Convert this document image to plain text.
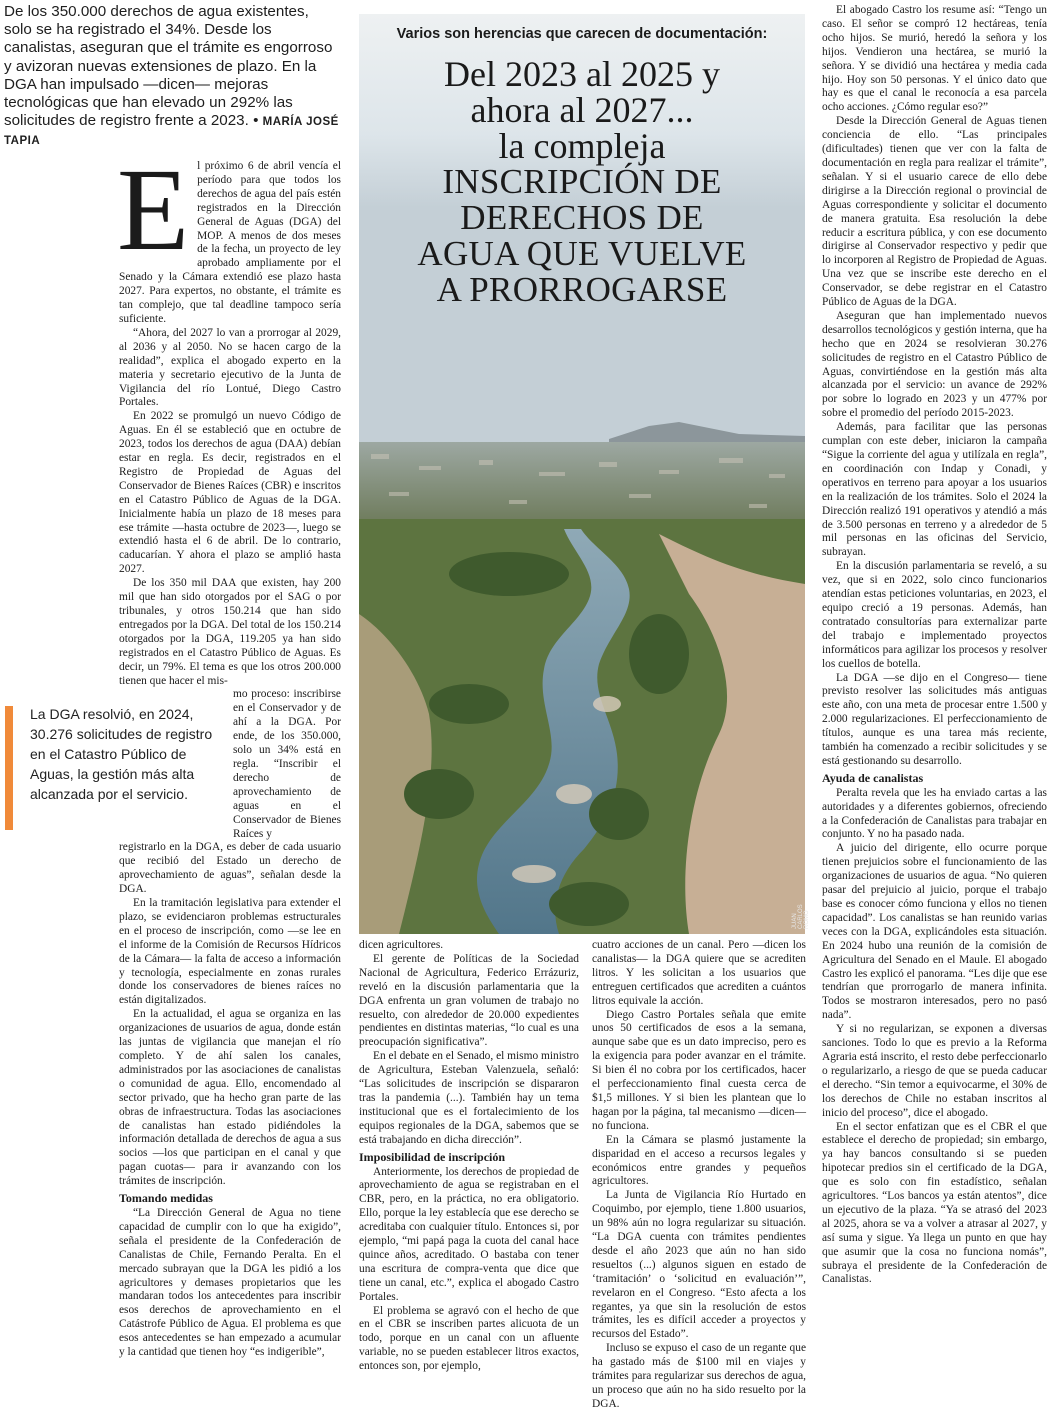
De los 350.000 derechos de agua existentes, solo se ha registrado el 34%. Desde los canalistas, aseguran que el trámite es engorroso y avizoran nuevas extensiones de plazo. En la DGA han impulsado —dicen— mejoras tecnológicas que han elevado un 292% las solicitudes de registro frente a 2023. • MARÍA JOSÉ TAPIA
E l próximo 6 de abril vencía el período para que todos los derechos de agua del país estén registrados en la Dirección General de Aguas (DGA) del MOP. A menos de dos meses de la fecha, un proyecto de ley aprobado ampliamente por el Senado y la Cámara extendió ese plazo hasta 2027. Para expertos, no obstante, el trámite es tan complejo, que tal deadline tampoco sería suficiente.

“Ahora, del 2027 lo van a prorrogar al 2029, al 2036 y al 2050. No se hacen cargo de la realidad”, explica el abogado experto en la materia y secretario ejecutivo de la Junta de Vigilancia del río Lontué, Diego Castro Portales.

En 2022 se promulgó un nuevo Código de Aguas. En él se estableció que en octubre de 2023, todos los derechos de agua (DAA) debían estar en regla. Es decir, registrados en el Registro de Propiedad de Aguas del Conservador de Bienes Raíces (CBR) e inscritos en el Catastro Público de Aguas de la DGA. Inicialmente había un plazo de 18 meses para ese trámite —hasta octubre de 2023—, luego se extendió hasta el 6 de abril. De lo contrario, caducarían. Y ahora el plazo se amplió hasta 2027.

De los 350 mil DAA que existen, hay 200 mil que han sido otorgados por el SAG o por tribunales, y otros 150.214 que han sido entregados por la DGA. Del total de los 150.214 otorgados por la DGA, 119.205 ya han sido registrados en el Catastro Público de Aguas. Es decir, un 79%. El tema es que los otros 200.000 tienen que hacer el mis-

mo proceso: inscribirse en el Conservador y de ahí a la DGA. Por ende, de los 350.000, solo un 34% está en regla. “Inscribir el derecho de aprovechamiento de aguas en el Conservador de Bienes Raíces y

registrarlo en la DGA, es deber de cada usuario que recibió del Estado un derecho de aprovechamiento de aguas”, señalan desde la DGA.

En la tramitación legislativa para extender el plazo, se evidenciaron problemas estructurales en el proceso de inscripción, como —se lee en el informe de la Comisión de Recursos Hídricos de la Cámara— la falta de acceso a información y tecnología, especialmente en zonas rurales donde los conservadores de bienes raíces no están digitalizados.

En la actualidad, el agua se organiza en las organizaciones de usuarios de agua, donde están las juntas de vigilancia que manejan el río completo. Y de ahí salen los canales, administrados por las asociaciones de canalistas o comunidad de agua. Ello, encomendado al sector privado, que ha hecho gran parte de las obras de infraestructura. Todas las asociaciones de canalistas han estado pidiéndoles la información detallada de derechos de agua a sus socios —los que participan en el canal y que pagan cuotas— para ir avanzando con los trámites de inscripción.

Tomando medidas

“La Dirección General de Agua no tiene capacidad de cumplir con lo que ha exigido”, señala el presidente de la Confederación de Canalistas de Chile, Fernando Peralta. En el mercado subrayan que la DGA les pidió a los agricultores y demases propietarios que les mandaran todos los antecedentes para inscribir esos derechos de aprovechamiento en el Catástrofe Público de Agua. El problema es que esos antecedentes se han empezado a acumular y la cantidad que tienen hoy “es indigerible”,

La DGA resolvió, en 2024, 30.276 solicitudes de registro en el Catastro Público de Aguas, la gestión más alta alcanzada por el servicio.
Varios son herencias que carecen de documentación:
Del 2023 al 2025 y
ahora al 2027...
la compleja
INSCRIPCIÓN DE
DERECHOS DE
AGUA QUE VUELVE
A PRORROGARSE
JUAN CARLOS ROMO

dicen agricultores.

El gerente de Políticas de la Sociedad Nacional de Agricultura, Federico Errázuriz, reveló en la discusión parlamentaria que la DGA enfrenta un gran volumen de trabajo no resuelto, con alrededor de 20.000 expedientes pendientes en distintas materias, “lo cual es una preocupación significativa”.

En el debate en el Senado, el mismo ministro de Agricultura, Esteban Valenzuela, señaló: “Las solicitudes de inscripción se dispararon tras la pandemia (...). También hay un tema institucional que es el fortalecimiento de los equipos regionales de la DGA, sabemos que se está trabajando en dicha dirección”.

Imposibilidad de inscripción

Anteriormente, los derechos de propiedad de aprovechamiento de agua se registraban en el CBR, pero, en la práctica, no era obligatorio. Ello, porque la ley establecía que ese derecho se acreditaba con cualquier título. Entonces si, por ejemplo, “mi papá paga la cuota del canal hace quince años, acreditado. O bastaba con tener una escritura de compra-venta que dice que tiene un canal, etc.”, explica el abogado Castro Portales.

El problema se agravó con el hecho de que en el CBR se inscriben partes alicuota de un todo, porque en un canal con un afluente variable, no se pueden establecer litros exactos, entonces son, por ejemplo,

cuatro acciones de un canal. Pero —dicen los canalistas— la DGA quiere que se acrediten litros. Y les solicitan a los usuarios que entreguen certificados que acrediten a cuántos litros equivale la acción.

Diego Castro Portales señala que emite unos 50 certificados de esos a la semana, aunque sabe que es un dato impreciso, pero es la exigencia para poder avanzar en el trámite. Si bien él no cobra por los certificados, hacer el perfeccionamiento final cuesta cerca de $1,5 millones. Y si bien les plantean que lo hagan por la página, tal mecanismo —dicen— no funciona.

En la Cámara se plasmó justamente la disparidad en el acceso a recursos legales y económicos entre grandes y pequeños agricultores.

La Junta de Vigilancia Río Hurtado en Coquimbo, por ejemplo, tiene 1.800 usuarios, un 98% aún no logra regularizar su situación. “La DGA cuenta con trámites pendientes desde el año 2023 que aún no han sido resueltos (...) algunos siguen en estado de ‘tramitación’ o ‘solicitud en evaluación’”, revelaron en el Congreso. “Esto afecta a los regantes, ya que sin la resolución de estos trámites, les es difícil acceder a proyectos y recursos del Estado”.

Incluso se expuso el caso de un regante que ha gastado más de $100 mil en viajes y trámites para regularizar sus derechos de agua, un proceso que aún no ha sido resuelto por la DGA.

El abogado Castro los resume así: “Tengo un caso. El señor se compró 12 hectáreas, tenía ocho hijos. Se murió, heredó la señora y los hijos. Vendieron una hectárea, se murió la señora. Y se dividió una hectárea y media cada hijo. Hoy son 50 personas. Y el único dato que hay es que el canal le reconocía a esa parcela ocho acciones. ¿Cómo regular eso?”

Desde la Dirección General de Aguas tienen conciencia de ello. “Las principales (dificultades) tienen que ver con la falta de documentación en regla para realizar el trámite”, señalan. Y si el usuario carece de ello debe dirigirse a la Dirección regional o provincial de Aguas correspondiente y solicitar el documento de manera gratuita. Esa resolución la debe reducir a escritura pública, y con ese documento dirigirse al Conservador respectivo y pedir que lo incorporen al Registro de Propiedad de Aguas. Una vez que se inscribe este derecho en el Conservador, se debe registrar en el Catastro Público de Aguas de la DGA.

Aseguran que han implementado nuevos desarrollos tecnológicos y gestión interna, que ha hecho que en 2024 se resolvieran 30.276 solicitudes de registro en el Catastro Público de Aguas, convirtiéndose en la gestión más alta alcanzada por el servicio: un avance de 292% por sobre lo logrado en 2023 y un 477% por sobre el promedio del período 2015-2023.

Además, para facilitar que las personas cumplan con este deber, iniciaron la campaña “Sigue la corriente del agua y utilízala en regla”, en coordinación con Indap y Conadi, y operativos en terreno para apoyar a los usuarios en la realización de los trámites. Solo el 2024 la Dirección realizó 191 operativos y atendió a más de 3.500 personas en terreno y a alrededor de 5 mil personas en las oficinas del Servicio, subrayan.

En la discusión parlamentaria se reveló, a su vez, que si en 2022, solo cinco funcionarios atendían estas peticiones voluntarias, en 2023, el equipo creció a 19 personas. Además, han contratado consultorías para externalizar parte del trabajo e implementado proyectos informáticos para agilizar los procesos y resolver los cuellos de botella.

La DGA —se dijo en el Congreso— tiene previsto resolver las solicitudes más antiguas este año, con una meta de procesar entre 1.500 y 2.000 regularizaciones. El perfeccionamiento de títulos, aunque es una tarea más reciente, también ha comenzado a recibir solicitudes y se está gestionando su desarrollo.

Ayuda de canalistas

Peralta revela que les ha enviado cartas a las autoridades y a diferentes gobiernos, ofreciendo a la Confederación de Canalistas para trabajar en conjunto. Y no ha pasado nada.

A juicio del dirigente, ello ocurre porque tienen prejuicios sobre el funcionamiento de las organizaciones de usuarios de agua. “No quieren pasar del prejuicio al juicio, porque el trabajo base es conocer cómo funciona y ellos no tienen capacidad”. Los canalistas se han reunido varias veces con la DGA, explicándoles esta situación. En 2024 hubo una reunión de la comisión de Agricultura del Senado en el Maule. El abogado Castro les explicó el panorama. “Les dije que ese tendrían que prorrogarlo de manera infinita. Todos se mostraron interesados, pero no pasó nada”.

Y si no regularizan, se exponen a diversas sanciones. Todo lo que es previo a la Reforma Agraria está inscrito, el resto debe perfeccionarlo o regularizarlo, a riesgo de que se pueda caducar el derecho. “Sin temor a equivocarme, el 30% de los derechos de Chile no estaban inscritos al inicio del proceso”, dice el abogado.

En el sector enfatizan que es el CBR el que establece el derecho de propiedad; sin embargo, ya hay bancos consultando si se pueden hipotecar predios sin el certificado de la DGA, que es solo con fin estadístico, señalan agricultores. “Los bancos ya están atentos”, dice un ejecutivo de la plaza. “Ya se atrasó del 2023 al 2025, ahora se va a volver a atrasar al 2027, y así suma y sigue. Ya llega un punto en que hay que asumir que la cosa no funciona nomás”, subraya el presidente de la Confederación de Canalistas.
